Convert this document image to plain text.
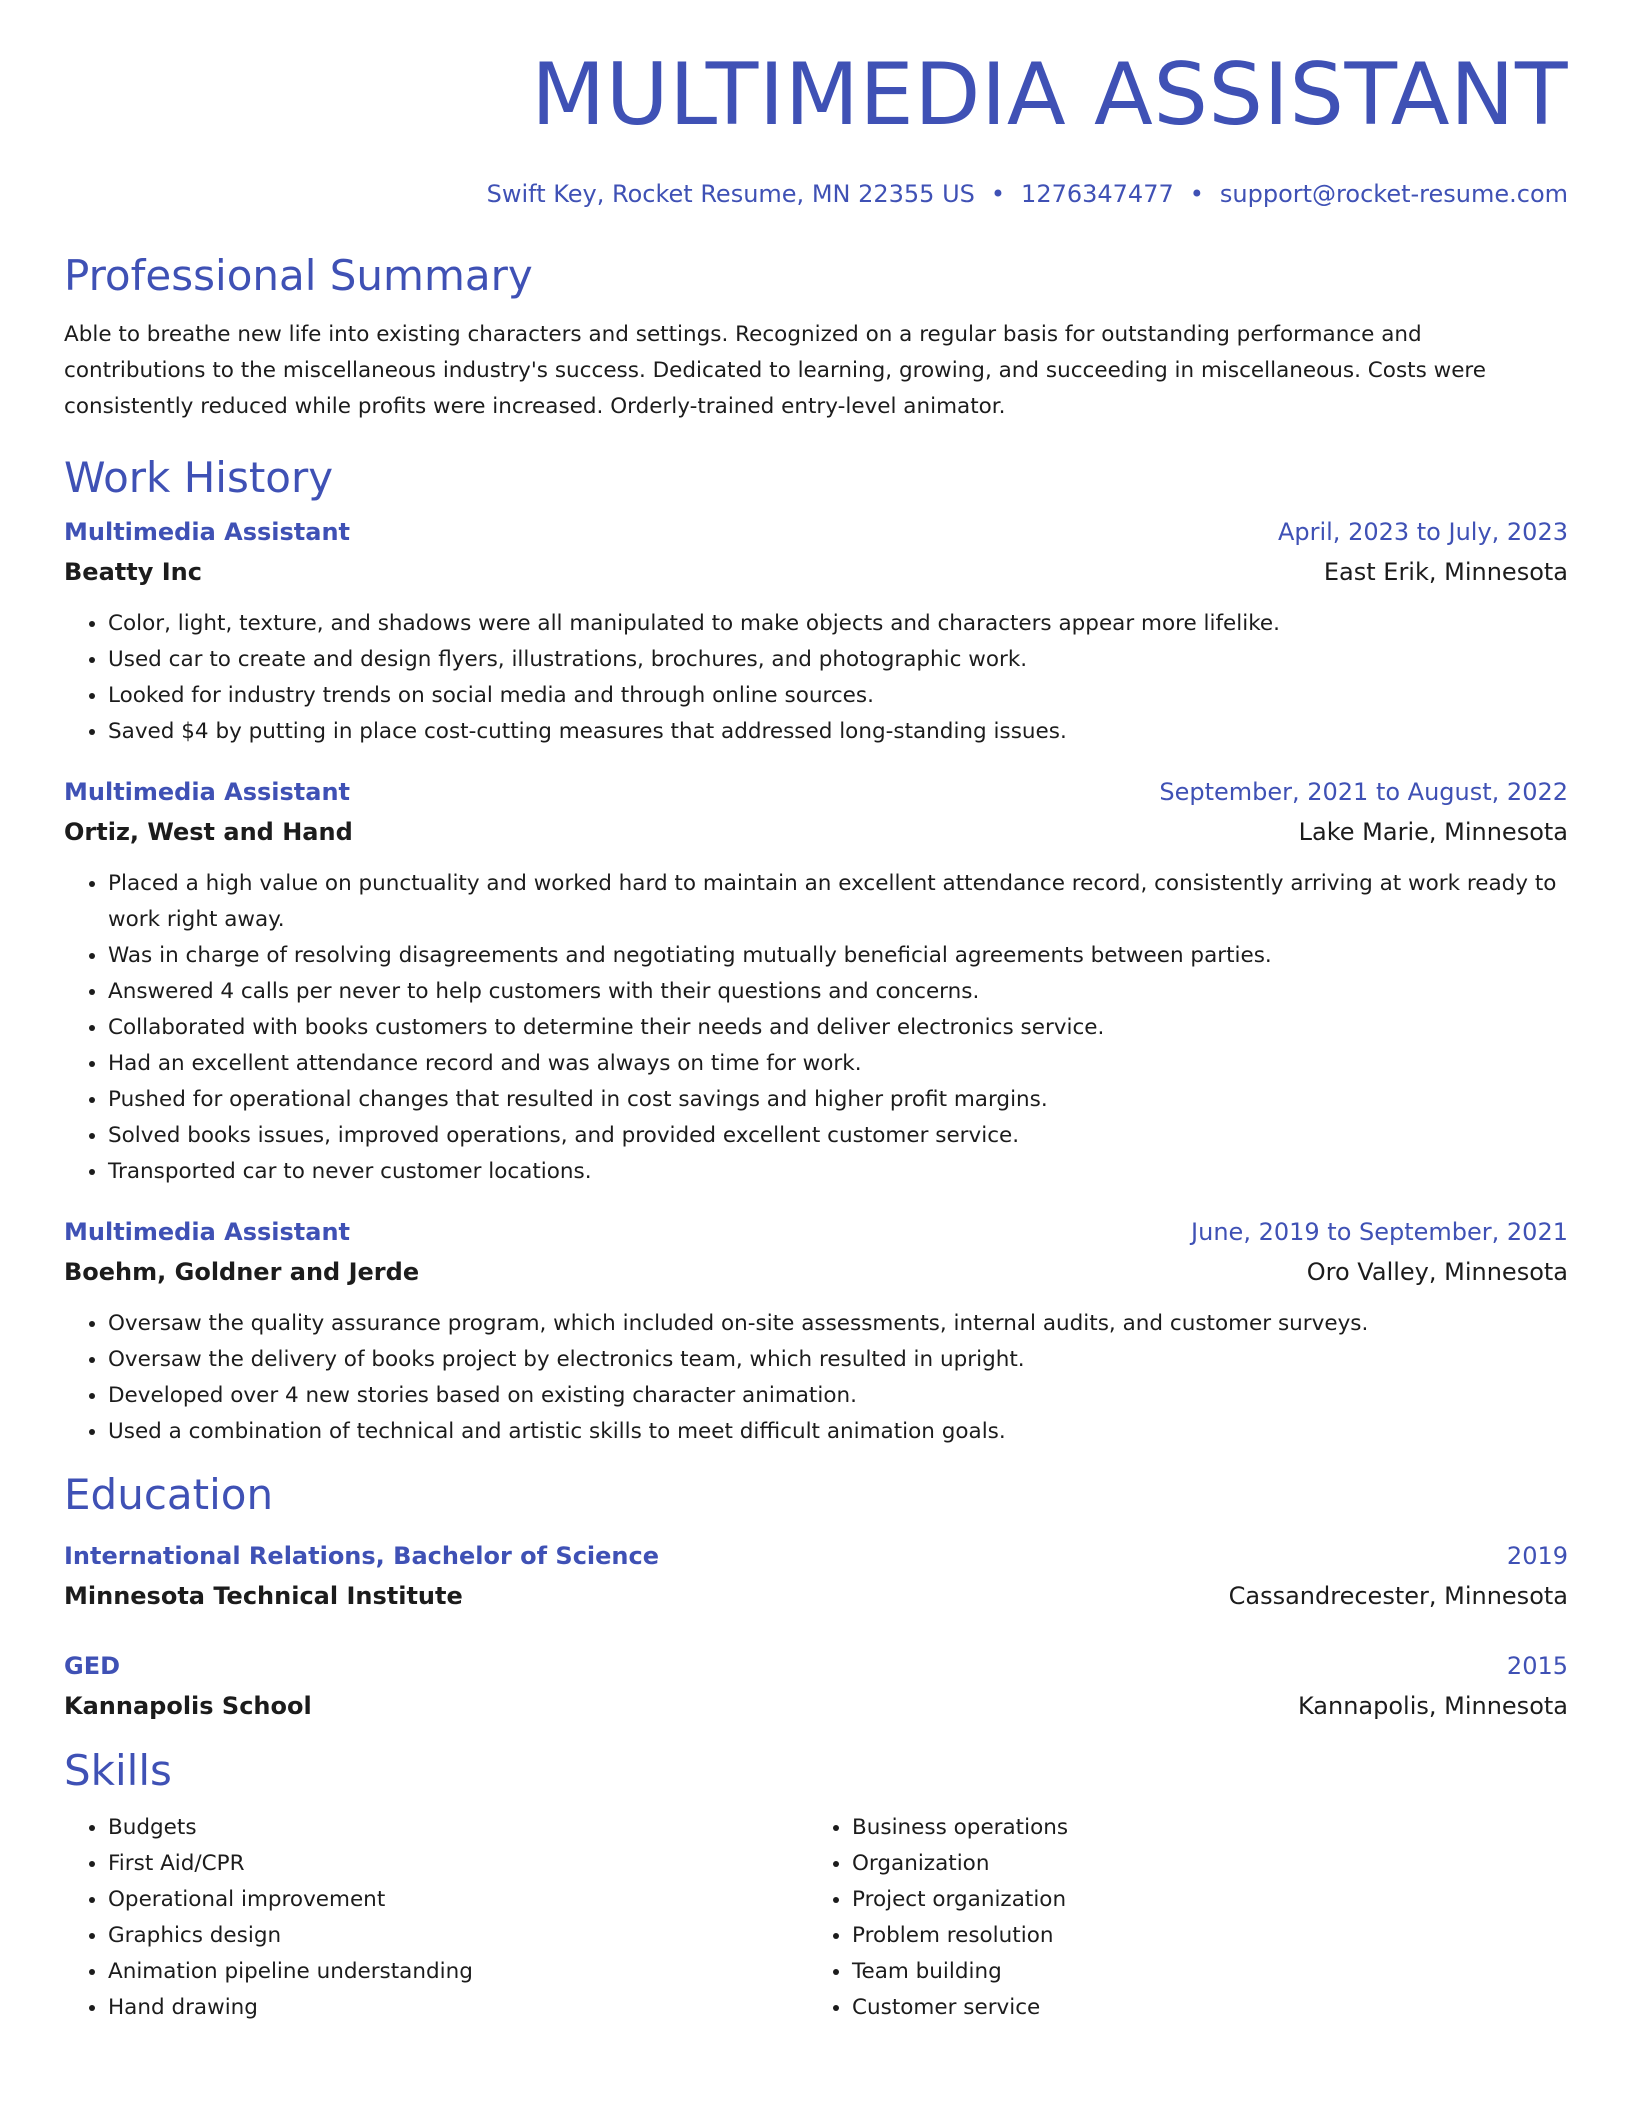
MULTIMEDIA ASSISTANT
Swift Key, Rocket Resume, MN 22355 US • 1276347477 • support@rocket-resume.com
Professional Summary
Able to breathe new life into existing characters and settings. Recognized on a regular basis for outstanding performance and contributions to the miscellaneous industry's success. Dedicated to learning, growing, and succeeding in miscellaneous. Costs were consistently reduced while profits were increased. Orderly-trained entry-level animator.
Work History
Multimedia Assistant	April, 2023 to July, 2023
Beatty Inc	East Erik, Minnesota
• Color, light, texture, and shadows were all manipulated to make objects and characters appear more lifelike.
• Used car to create and design flyers, illustrations, brochures, and photographic work.
• Looked for industry trends on social media and through online sources.
• Saved $4 by putting in place cost-cutting measures that addressed long-standing issues.
Multimedia Assistant	September, 2021 to August, 2022
Ortiz, West and Hand	Lake Marie, Minnesota
• Placed a high value on punctuality and worked hard to maintain an excellent attendance record, consistently arriving at work ready to work right away.
• Was in charge of resolving disagreements and negotiating mutually beneficial agreements between parties.
• Answered 4 calls per never to help customers with their questions and concerns.
• Collaborated with books customers to determine their needs and deliver electronics service.
• Had an excellent attendance record and was always on time for work.
• Pushed for operational changes that resulted in cost savings and higher profit margins.
• Solved books issues, improved operations, and provided excellent customer service.
• Transported car to never customer locations.
Multimedia Assistant	June, 2019 to September, 2021
Boehm, Goldner and Jerde	Oro Valley, Minnesota
• Oversaw the quality assurance program, which included on-site assessments, internal audits, and customer surveys.
• Oversaw the delivery of books project by electronics team, which resulted in upright.
• Developed over 4 new stories based on existing character animation.
• Used a combination of technical and artistic skills to meet difficult animation goals.
Education
International Relations, Bachelor of Science	2019
Minnesota Technical Institute	Cassandrecester, Minnesota
GED	2015
Kannapolis School	Kannapolis, Minnesota
Skills
• Budgets
• First Aid/CPR
• Operational improvement
• Graphics design
• Animation pipeline understanding
• Hand drawing
• Business operations
• Organization
• Project organization
• Problem resolution
• Team building
• Customer service
